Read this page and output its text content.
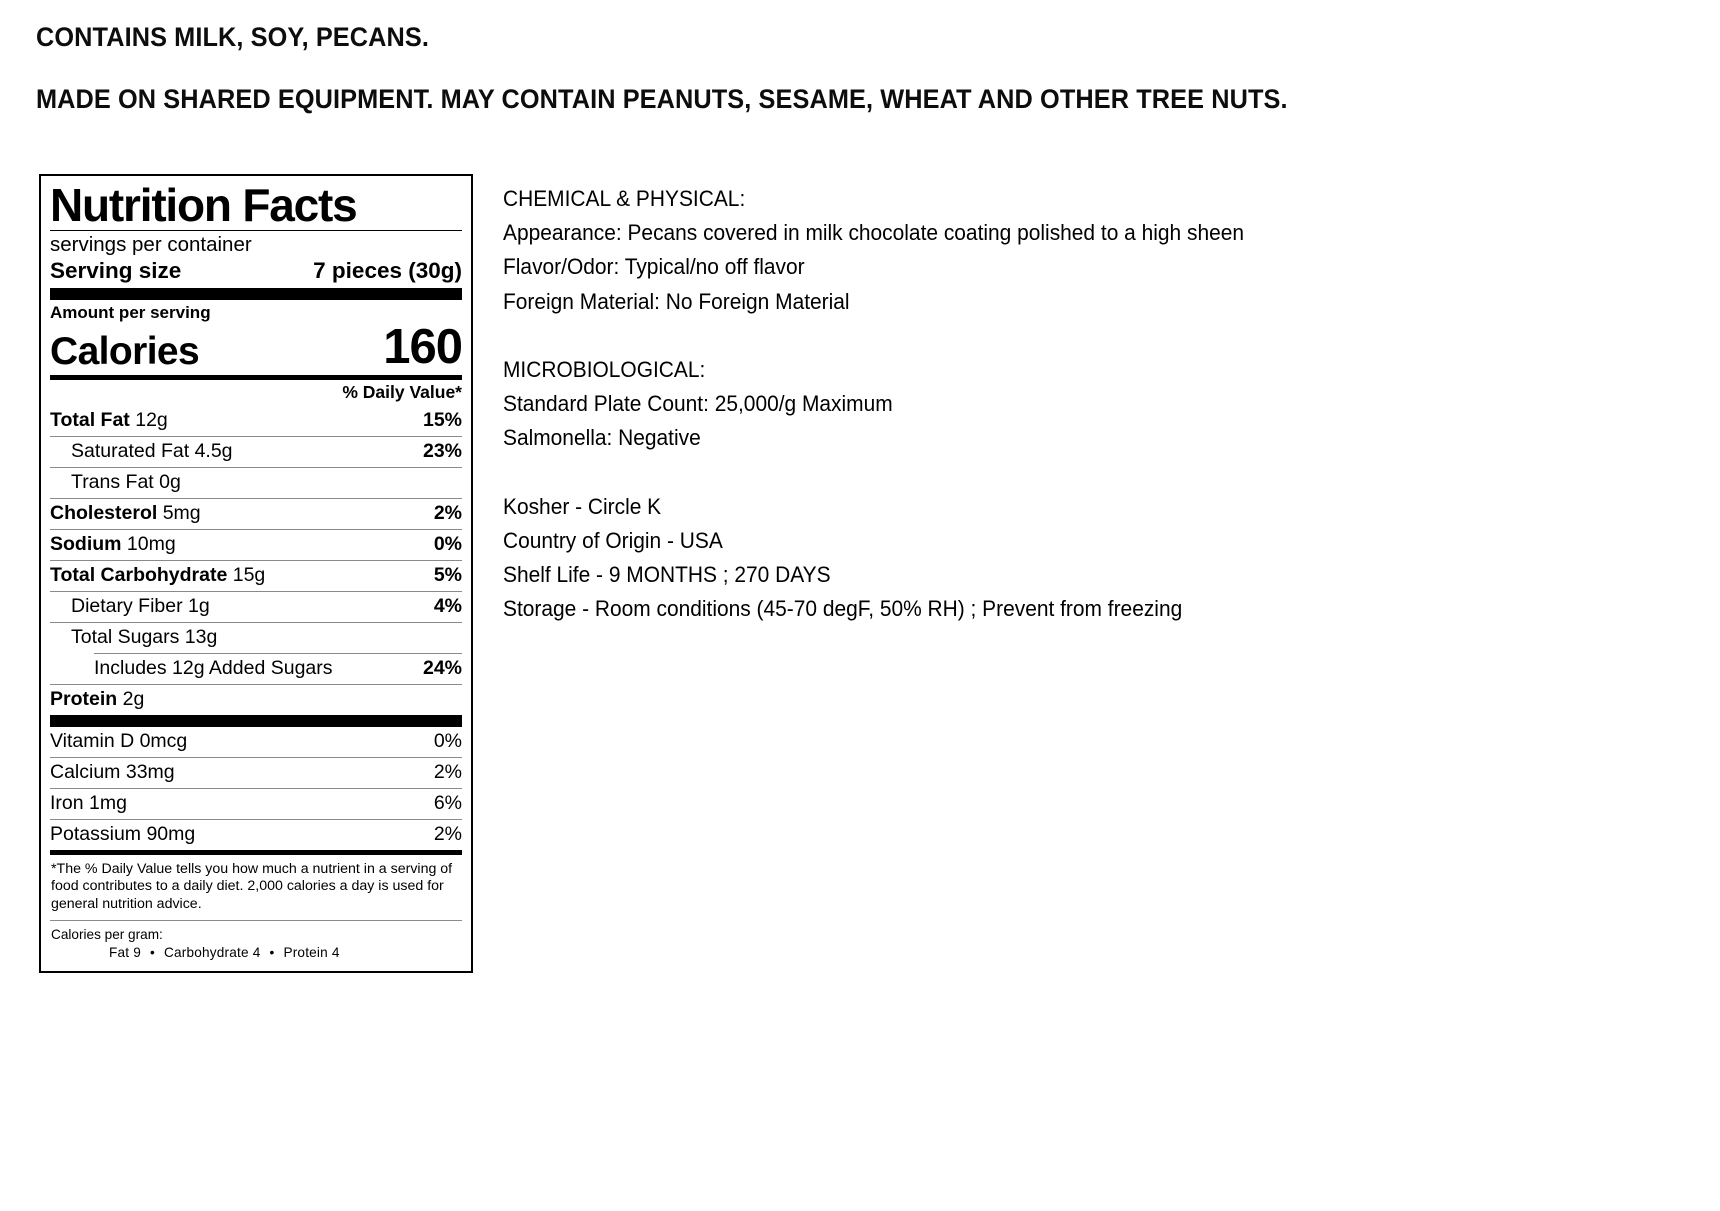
CONTAINS MILK, SOY, PECANS.
MADE ON SHARED EQUIPMENT. MAY CONTAIN PEANUTS, SESAME, WHEAT AND OTHER TREE NUTS.
Nutrition Facts
servings per container
Serving size	7 pieces (30g)
Amount per serving
Calories	160
% Daily Value*
Total Fat 12g	15%
Saturated Fat 4.5g	23%
Trans Fat 0g
Cholesterol 5mg	2%
Sodium 10mg	0%
Total Carbohydrate 15g	5%
Dietary Fiber 1g	4%
Total Sugars 13g
Includes 12g Added Sugars	24%
Protein 2g
Vitamin D 0mcg	0%
Calcium 33mg	2%
Iron 1mg	6%
Potassium 90mg	2%
*The % Daily Value tells you how much a nutrient in a serving of food contributes to a daily diet. 2,000 calories a day is used for general nutrition advice.
Calories per gram:
Fat 9 • Carbohydrate 4 • Protein 4
CHEMICAL & PHYSICAL:
Appearance: Pecans covered in milk chocolate coating polished to a high sheen
Flavor/Odor: Typical/no off flavor
Foreign Material: No Foreign Material
MICROBIOLOGICAL:
Standard Plate Count: 25,000/g Maximum
Salmonella: Negative
Kosher - Circle K
Country of Origin - USA
Shelf Life - 9 MONTHS ; 270 DAYS
Storage - Room conditions (45-70 degF, 50% RH) ; Prevent from freezing
